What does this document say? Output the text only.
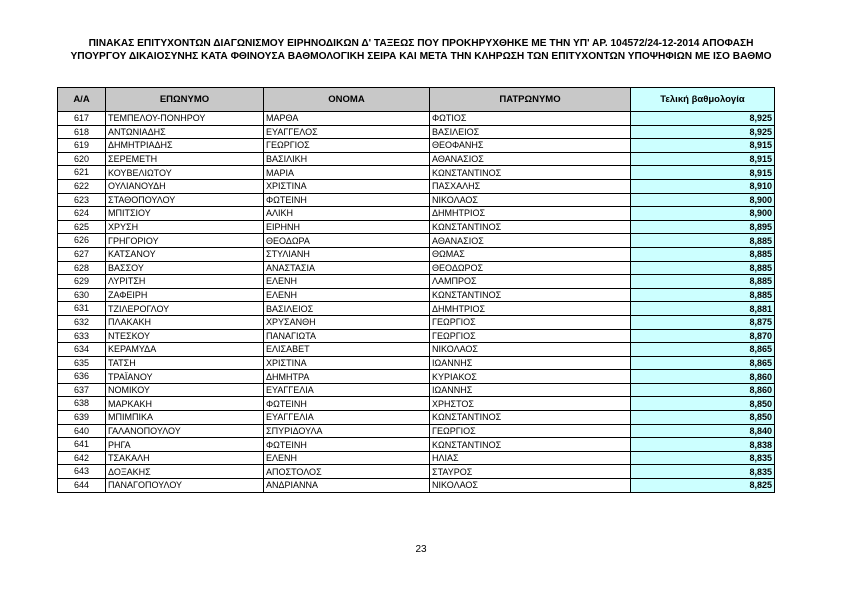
ΠΙΝΑΚΑΣ ΕΠΙΤΥΧΟΝΤΩΝ ΔΙΑΓΩΝΙΣΜΟΥ ΕΙΡΗΝΟΔΙΚΩΝ Δ' ΤΑΞΕΩΣ ΠΟΥ ΠΡΟΚΗΡΥΧΘΗΚΕ ΜΕ ΤΗΝ ΥΠ' ΑΡ. 104572/24-12-2014 ΑΠΟΦΑΣΗ
ΥΠΟΥΡΓΟΥ ΔΙΚΑΙΟΣΥΝΗΣ ΚΑΤΑ ΦΘΙΝΟΥΣΑ ΒΑΘΜΟΛΟΓΙΚΗ ΣΕΙΡΑ ΚΑΙ ΜΕΤΑ ΤΗΝ ΚΛΗΡΩΣΗ ΤΩΝ ΕΠΙΤΥΧΟΝΤΩΝ ΥΠΟΨΗΦΙΩΝ ΜΕ ΙΣΟ ΒΑΘΜΟ
Α/Α	ΕΠΩΝΥΜΟ	ΟΝΟΜΑ	ΠΑΤΡΩΝΥΜΟ	Τελική βαθμολογία
617	ΤΕΜΠΕΛΟΥ-ΠΟΝΗΡΟΥ	ΜΑΡΘΑ	ΦΩΤΙΟΣ	8,925
618	ΑΝΤΩΝΙΑΔΗΣ	ΕΥΑΓΓΕΛΟΣ	ΒΑΣΙΛΕΙΟΣ	8,925
619	ΔΗΜΗΤΡΙΑΔΗΣ	ΓΕΩΡΓΙΟΣ	ΘΕΟΦΑΝΗΣ	8,915
620	ΣΕΡΕΜΕΤΗ	ΒΑΣΙΛΙΚΗ	ΑΘΑΝΑΣΙΟΣ	8,915
621	ΚΟΥΒΕΛΙΩΤΟΥ	ΜΑΡΙΑ	ΚΩΝΣΤΑΝΤΙΝΟΣ	8,915
622	ΟΥΛΙΑΝΟΥΔΗ	ΧΡΙΣΤΙΝΑ	ΠΑΣΧΑΛΗΣ	8,910
623	ΣΤΑΘΟΠΟΥΛΟΥ	ΦΩΤΕΙΝΗ	ΝΙΚΟΛΑΟΣ	8,900
624	ΜΠΙΤΣΙΟΥ	ΑΛΙΚΗ	ΔΗΜΗΤΡΙΟΣ	8,900
625	ΧΡΥΣΗ	ΕΙΡΗΝΗ	ΚΩΝΣΤΑΝΤΙΝΟΣ	8,895
626	ΓΡΗΓΟΡΙΟΥ	ΘΕΟΔΩΡΑ	ΑΘΑΝΑΣΙΟΣ	8,885
627	ΚΑΤΣΑΝΟΥ	ΣΤΥΛΙΑΝΗ	ΘΩΜΑΣ	8,885
628	ΒΑΣΣΟΥ	ΑΝΑΣΤΑΣΙΑ	ΘΕΟΔΩΡΟΣ	8,885
629	ΛΥΡΙΤΣΗ	ΕΛΕΝΗ	ΛΑΜΠΡΟΣ	8,885
630	ΖΑΦΕΙΡΗ	ΕΛΕΝΗ	ΚΩΝΣΤΑΝΤΙΝΟΣ	8,885
631	ΤΖΙΛΕΡΟΓΛΟΥ	ΒΑΣΙΛΕΙΟΣ	ΔΗΜΗΤΡΙΟΣ	8,881
632	ΠΛΑΚΑΚΗ	ΧΡΥΣΑΝΘΗ	ΓΕΩΡΓΙΟΣ	8,875
633	ΝΤΕΣΚΟΥ	ΠΑΝΑΓΙΩΤΑ	ΓΕΩΡΓΙΟΣ	8,870
634	ΚΕΡΑΜΥΔΑ	ΕΛΙΣΑΒΕΤ	ΝΙΚΟΛΑΟΣ	8,865
635	ΤΑΤΣΗ	ΧΡΙΣΤΙΝΑ	ΙΩΑΝΝΗΣ	8,865
636	ΤΡΑΪΑΝΟΥ	ΔΗΜΗΤΡΑ	ΚΥΡΙΑΚΟΣ	8,860
637	ΝΟΜΙΚΟΥ	ΕΥΑΓΓΕΛΙΑ	ΙΩΑΝΝΗΣ	8,860
638	ΜΑΡΚΑΚΗ	ΦΩΤΕΙΝΗ	ΧΡΗΣΤΟΣ	8,850
639	ΜΠΙΜΠΙΚΑ	ΕΥΑΓΓΕΛΙΑ	ΚΩΝΣΤΑΝΤΙΝΟΣ	8,850
640	ΓΑΛΑΝΟΠΟΥΛΟΥ	ΣΠΥΡΙΔΟΥΛΑ	ΓΕΩΡΓΙΟΣ	8,840
641	ΡΗΓΑ	ΦΩΤΕΙΝΗ	ΚΩΝΣΤΑΝΤΙΝΟΣ	8,838
642	ΤΣΑΚΑΛΗ	ΕΛΕΝΗ	ΗΛΙΑΣ	8,835
643	ΔΟΞΑΚΗΣ	ΑΠΟΣΤΟΛΟΣ	ΣΤΑΥΡΟΣ	8,835
644	ΠΑΝΑΓΟΠΟΥΛΟΥ	ΑΝΔΡΙΑΝΝΑ	ΝΙΚΟΛΑΟΣ	8,825
23
